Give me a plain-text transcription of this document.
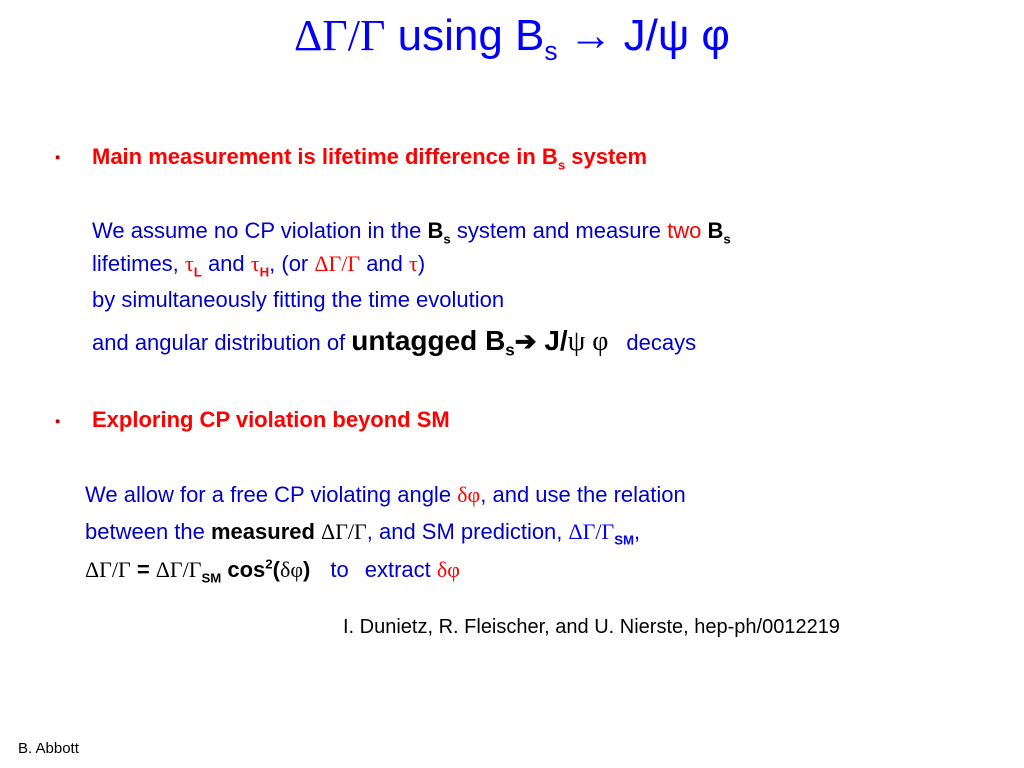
ΔΓ/Γ using $B_s \to J/\psi$ φ
▪ Main measurement is lifetime difference in $B_s$ system
We assume no CP violation in the $B_s$ system and measure two $B_s$
lifetimes, $\tau_L$ and $\tau_H$, (or ΔΓ/Γ and τ)
by simultaneously fitting the time evolution
and angular distribution of untagged $B_s➔$ J/ψ φ decays
▪ Exploring CP violation beyond SM
We allow for a free CP violating angle δφ, and use the relation
between the measured ΔΓ/Γ, and SM prediction, $\Delta\Gamma/\Gamma_{SM}$,
$\Delta\Gamma/\Gamma = \Delta\Gamma/\Gamma_{SM}$ $\cos^2(\delta\varphi)$ to extract δφ
I. Dunietz, R. Fleischer, and U. Nierste, hep-ph/0012219
B. Abbott
